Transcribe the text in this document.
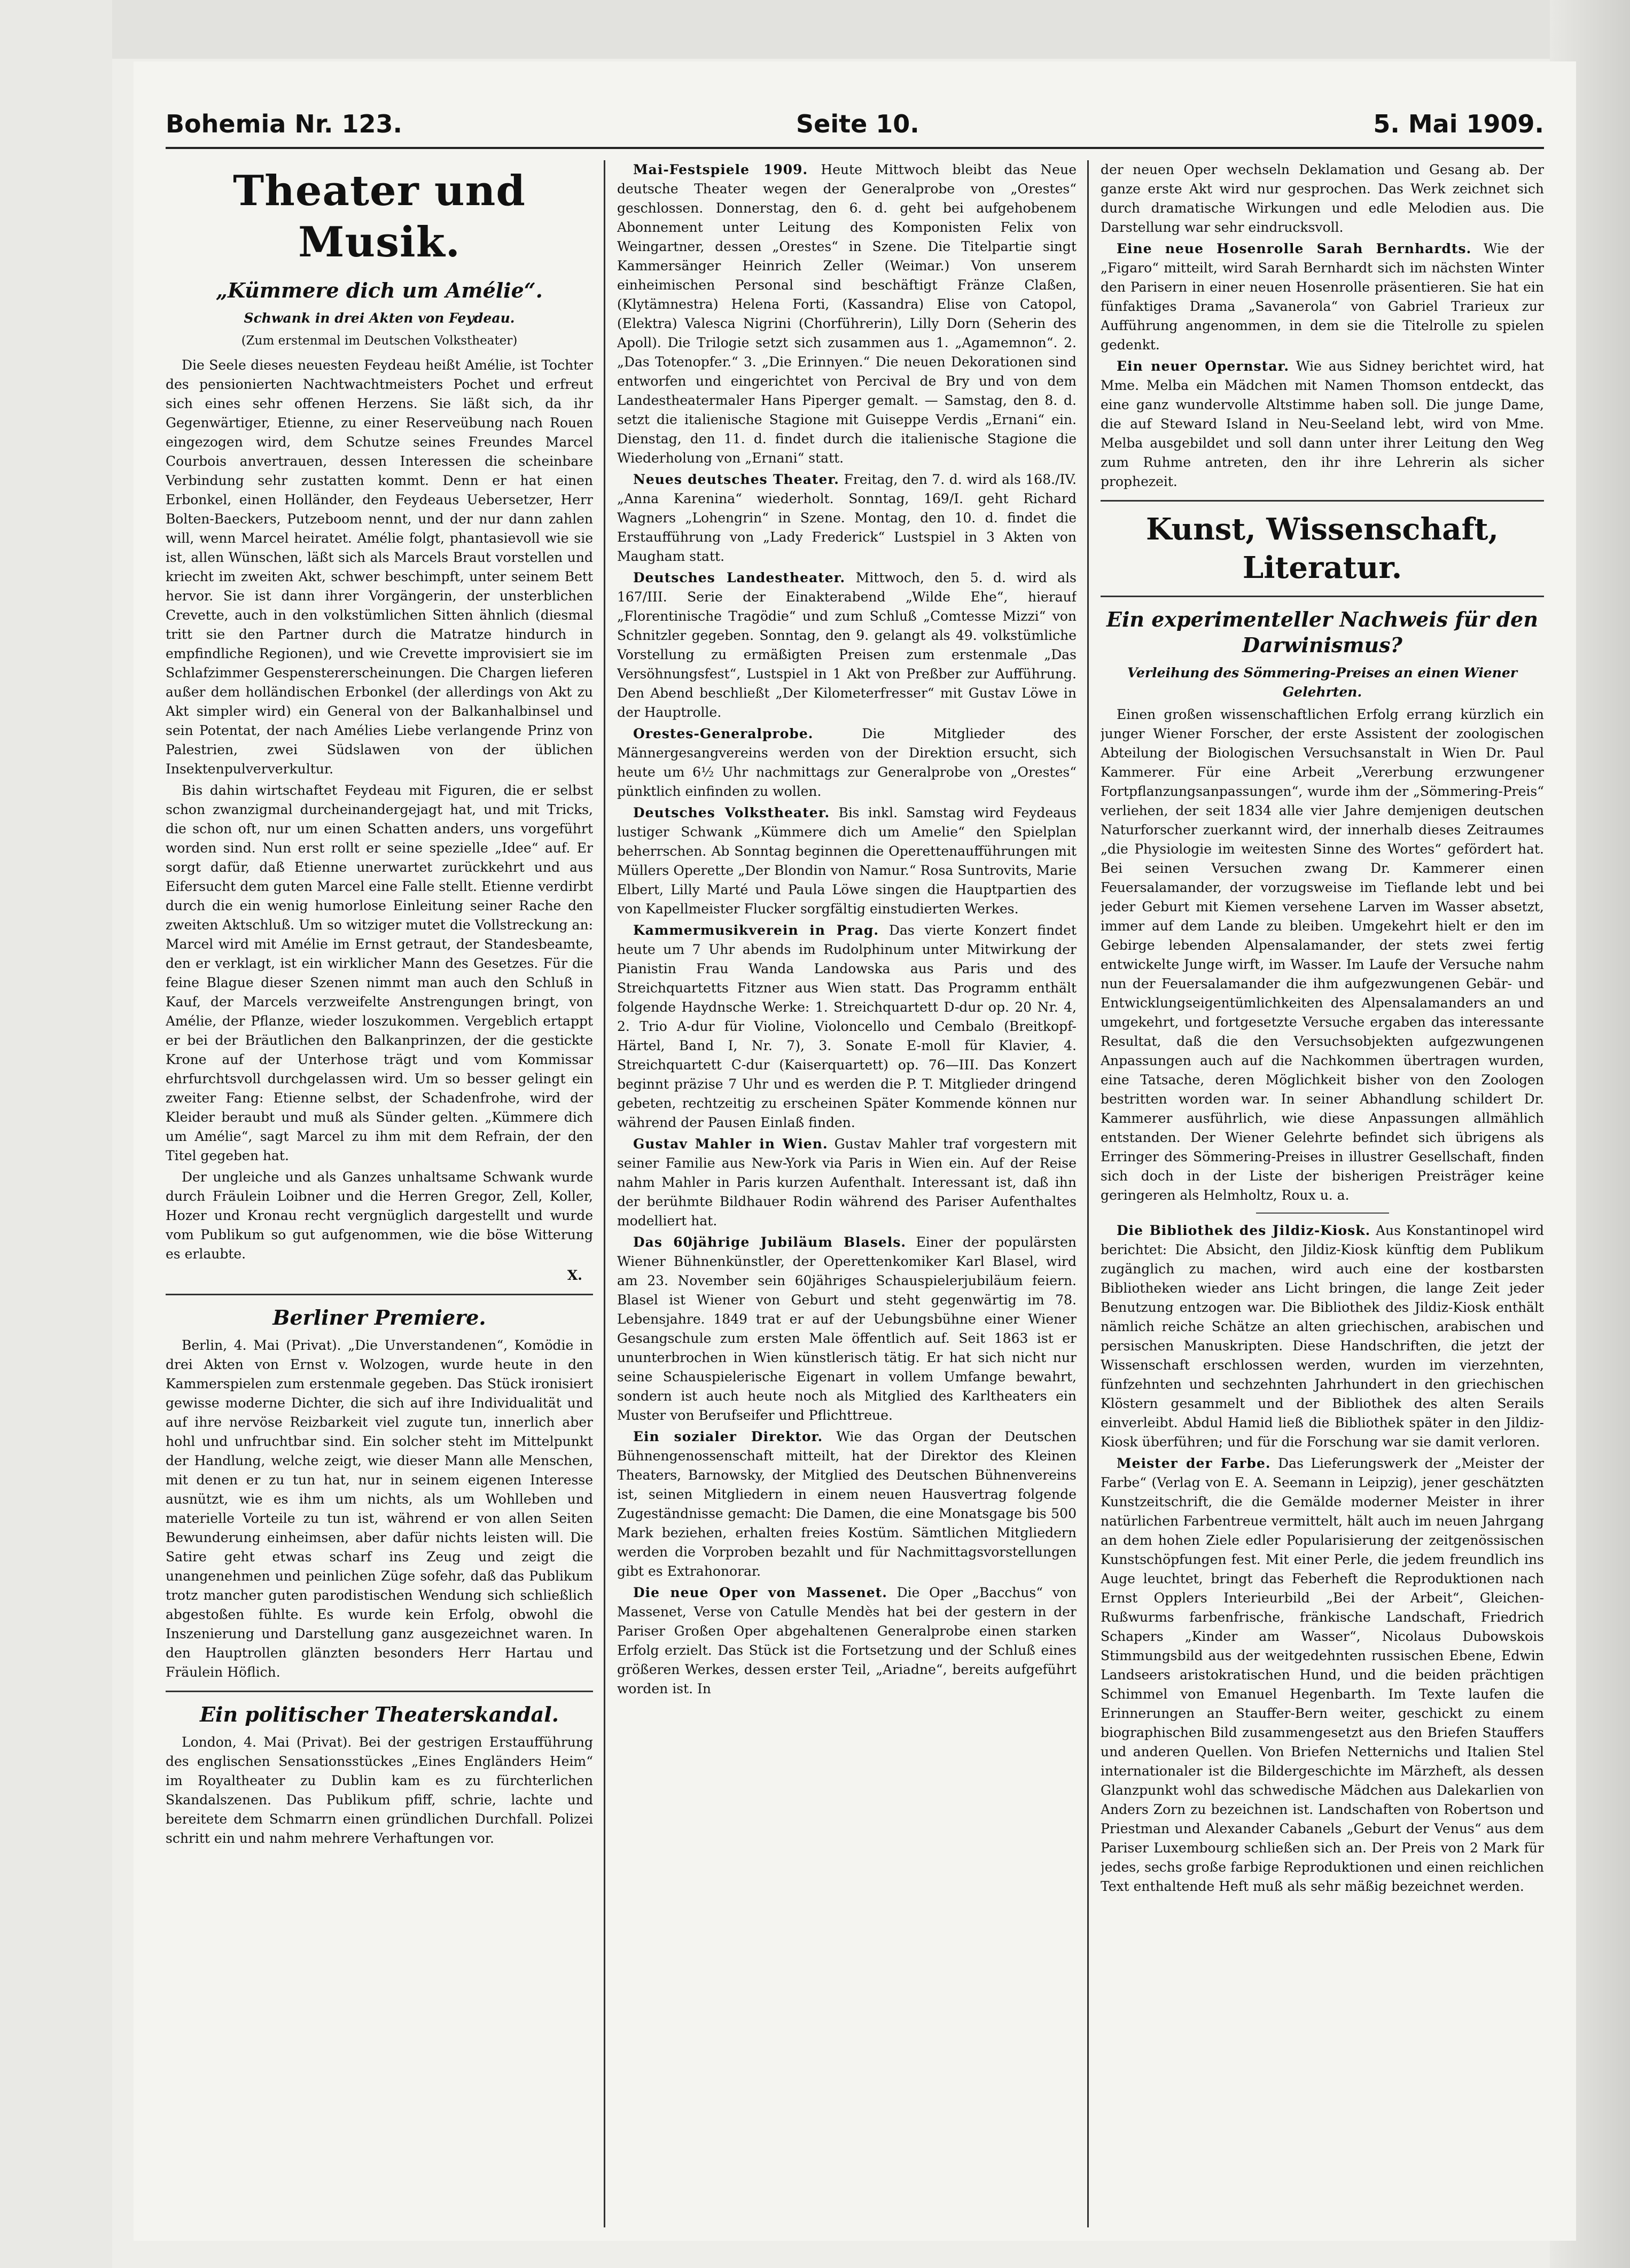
Bohemia Nr. 123.	Seite 10.	5. Mai 1909.
Theater und Musik.
„Kümmere dich um Amélie“.
Schwank in drei Akten von Feydeau.
(Zum erstenmal im Deutschen Volkstheater)

Die Seele dieses neuesten Feydeau heißt Amélie, ist Tochter des pensionierten Nachtwachtmeisters Pochet und erfreut sich eines sehr offenen Herzens. Sie läßt sich, da ihr Gegenwärtiger, Etienne, zu einer Reserveübung nach Rouen eingezogen wird, dem Schutze seines Freundes Marcel Courbois anvertrauen, dessen Interessen die scheinbare Verbindung sehr zustatten kommt. Denn er hat einen Erbonkel, einen Holländer, den Feydeaus Uebersetzer, Herr Bolten-Baeckers, Putzeboom nennt, und der nur dann zahlen will, wenn Marcel heiratet. Amélie folgt, phantasievoll wie sie ist, allen Wünschen, läßt sich als Marcels Braut vorstellen und kriecht im zweiten Akt, schwer beschimpft, unter seinem Bett hervor. Sie ist dann ihrer Vorgängerin, der unsterblichen Crevette, auch in den volkstümlichen Sitten ähnlich (diesmal tritt sie den Partner durch die Matratze hindurch in empfindliche Regionen), und wie Crevette improvisiert sie im Schlafzimmer Gespenstererscheinungen. Die Chargen lieferen außer dem holländischen Erbonkel (der allerdings von Akt zu Akt simpler wird) ein General von der Balkanhalbinsel und sein Potentat, der nach Amélies Liebe verlangende Prinz von Palestrien, zwei Südslawen von der üblichen Insektenpulververkultur.

Bis dahin wirtschaftet Feydeau mit Figuren, die er selbst schon zwanzigmal durcheinandergejagt hat, und mit Tricks, die schon oft, nur um einen Schatten anders, uns vorgeführt worden sind. Nun erst rollt er seine spezielle „Idee“ auf. Er sorgt dafür, daß Etienne unerwartet zurückkehrt und aus Eifersucht dem guten Marcel eine Falle stellt. Etienne verdirbt durch die ein wenig humorlose Einleitung seiner Rache den zweiten Aktschluß. Um so witziger mutet die Vollstreckung an: Marcel wird mit Amélie im Ernst getraut, der Standesbeamte, den er verklagt, ist ein wirklicher Mann des Gesetzes. Für die feine Blague dieser Szenen nimmt man auch den Schluß in Kauf, der Marcels verzweifelte Anstrengungen bringt, von Amélie, der Pflanze, wieder loszukommen. Vergeblich ertappt er bei der Bräutlichen den Balkanprinzen, der die gestickte Krone auf der Unterhose trägt und vom Kommissar ehrfurchtsvoll durchgelassen wird. Um so besser gelingt ein zweiter Fang: Etienne selbst, der Schadenfrohe, wird der Kleider beraubt und muß als Sünder gelten. „Kümmere dich um Amélie“, sagt Marcel zu ihm mit dem Refrain, der den Titel gegeben hat.

Der ungleiche und als Ganzes unhaltsame Schwank wurde durch Fräulein Loibner und die Herren Gregor, Zell, Koller, Hozer und Kronau recht vergnüglich dargestellt und wurde vom Publikum so gut aufgenommen, wie die böse Witterung es erlaubte.

X.
Berliner Premiere.

Berlin, 4. Mai (Privat). „Die Unverstandenen“, Komödie in drei Akten von Ernst v. Wolzogen, wurde heute in den Kammerspielen zum erstenmale gegeben. Das Stück ironisiert gewisse moderne Dichter, die sich auf ihre Individualität und auf ihre nervöse Reizbarkeit viel zugute tun, innerlich aber hohl und unfruchtbar sind. Ein solcher steht im Mittelpunkt der Handlung, welche zeigt, wie dieser Mann alle Menschen, mit denen er zu tun hat, nur in seinem eigenen Interesse ausnützt, wie es ihm um nichts, als um Wohlleben und materielle Vorteile zu tun ist, während er von allen Seiten Bewunderung einheimsen, aber dafür nichts leisten will. Die Satire geht etwas scharf ins Zeug und zeigt die unangenehmen und peinlichen Züge sofehr, daß das Publikum trotz mancher guten parodistischen Wendung sich schließlich abgestoßen fühlte. Es wurde kein Erfolg, obwohl die Inszenierung und Darstellung ganz ausgezeichnet waren. In den Hauptrollen glänzten besonders Herr Hartau und Fräulein Höflich.

Ein politischer Theaterskandal.

London, 4. Mai (Privat). Bei der gestrigen Erstaufführung des englischen Sensationsstückes „Eines Engländers Heim“ im Royaltheater zu Dublin kam es zu fürchterlichen Skandalszenen. Das Publikum pfiff, schrie, lachte und bereitete dem Schmarrn einen gründlichen Durchfall. Polizei schritt ein und nahm mehrere Verhaftungen vor.

Mai-Festspiele 1909. Heute Mittwoch bleibt das Neue deutsche Theater wegen der Generalprobe von „Orestes“ geschlossen. Donnerstag, den 6. d. geht bei aufgehobenem Abonnement unter Leitung des Komponisten Felix von Weingartner, dessen „Orestes“ in Szene. Die Titelpartie singt Kammersänger Heinrich Zeller (Weimar.) Von unserem einheimischen Personal sind beschäftigt Fränze Claßen, (Klytämnestra) Helena Forti, (Kassandra) Elise von Catopol, (Elektra) Valesca Nigrini (Chorführerin), Lilly Dorn (Seherin des Apoll). Die Trilogie setzt sich zusammen aus 1. „Agamemnon“. 2. „Das Totenopfer.“ 3. „Die Erinnyen.“ Die neuen Dekorationen sind entworfen und eingerichtet von Percival de Bry und von dem Landestheatermaler Hans Piperger gemalt. — Samstag, den 8. d. setzt die italienische Stagione mit Guiseppe Verdis „Ernani“ ein. Dienstag, den 11. d. findet durch die italienische Stagione die Wiederholung von „Ernani“ statt.

Neues deutsches Theater. Freitag, den 7. d. wird als 168./IV. „Anna Karenina“ wiederholt. Sonntag, 169/I. geht Richard Wagners „Lohengrin“ in Szene. Montag, den 10. d. findet die Erstaufführung von „Lady Frederick“ Lustspiel in 3 Akten von Maugham statt.

Deutsches Landestheater. Mittwoch, den 5. d. wird als 167/III. Serie der Einakterabend „Wilde Ehe“, hierauf „Florentinische Tragödie“ und zum Schluß „Comtesse Mizzi“ von Schnitzler gegeben. Sonntag, den 9. gelangt als 49. volkstümliche Vorstellung zu ermäßigten Preisen zum erstenmale „Das Versöhnungsfest“, Lustspiel in 1 Akt von Preßber zur Aufführung. Den Abend beschließt „Der Kilometerfresser“ mit Gustav Löwe in der Hauptrolle.

Orestes-Generalprobe. Die Mitglieder des Männergesangvereins werden von der Direktion ersucht, sich heute um 6½ Uhr nachmittags zur Generalprobe von „Orestes“ pünktlich einfinden zu wollen.

Deutsches Volkstheater. Bis inkl. Samstag wird Feydeaus lustiger Schwank „Kümmere dich um Amelie“ den Spielplan beherrschen. Ab Sonntag beginnen die Operettenaufführungen mit Müllers Operette „Der Blondin von Namur.“ Rosa Suntrovits, Marie Elbert, Lilly Marté und Paula Löwe singen die Hauptpartien des von Kapellmeister Flucker sorgfältig einstudierten Werkes.

Kammermusikverein in Prag. Das vierte Konzert findet heute um 7 Uhr abends im Rudolphinum unter Mitwirkung der Pianistin Frau Wanda Landowska aus Paris und des Streichquartetts Fitzner aus Wien statt. Das Programm enthält folgende Haydnsche Werke: 1. Streichquartett D-dur op. 20 Nr. 4, 2. Trio A-dur für Violine, Violoncello und Cembalo (Breitkopf-Härtel, Band I, Nr. 7), 3. Sonate E-moll für Klavier, 4. Streichquartett C-dur (Kaiserquartett) op. 76—III. Das Konzert beginnt präzise 7 Uhr und es werden die P. T. Mitglieder dringend gebeten, rechtzeitig zu erscheinen Später Kommende können nur während der Pausen Einlaß finden.

Gustav Mahler in Wien. Gustav Mahler traf vorgestern mit seiner Familie aus New-York via Paris in Wien ein. Auf der Reise nahm Mahler in Paris kurzen Aufenthalt. Interessant ist, daß ihn der berühmte Bildhauer Rodin während des Pariser Aufenthaltes modelliert hat.

Das 60jährige Jubiläum Blasels. Einer der populärsten Wiener Bühnenkünstler, der Operettenkomiker Karl Blasel, wird am 23. November sein 60jähriges Schauspielerjubiläum feiern. Blasel ist Wiener von Geburt und steht gegenwärtig im 78. Lebensjahre. 1849 trat er auf der Uebungsbühne einer Wiener Gesangschule zum ersten Male öffentlich auf. Seit 1863 ist er ununterbrochen in Wien künstlerisch tätig. Er hat sich nicht nur seine Schauspielerische Eigenart in vollem Umfange bewahrt, sondern ist auch heute noch als Mitglied des Karltheaters ein Muster von Berufseifer und Pflichttreue.

Ein sozialer Direktor. Wie das Organ der Deutschen Bühnengenossenschaft mitteilt, hat der Direktor des Kleinen Theaters, Barnowsky, der Mitglied des Deutschen Bühnenvereins ist, seinen Mitgliedern in einem neuen Hausvertrag folgende Zugeständnisse gemacht: Die Damen, die eine Monatsgage bis 500 Mark beziehen, erhalten freies Kostüm. Sämtlichen Mitgliedern werden die Vorproben bezahlt und für Nachmittagsvorstellungen gibt es Extrahonorar.

Die neue Oper von Massenet. Die Oper „Bacchus“ von Massenet, Verse von Catulle Mendès hat bei der gestern in der Pariser Großen Oper abgehaltenen Generalprobe einen starken Erfolg erzielt. Das Stück ist die Fortsetzung und der Schluß eines größeren Werkes, dessen erster Teil, „Ariadne“, bereits aufgeführt worden ist. In

der neuen Oper wechseln Deklamation und Gesang ab. Der ganze erste Akt wird nur gesprochen. Das Werk zeichnet sich durch dramatische Wirkungen und edle Melodien aus. Die Darstellung war sehr eindrucksvoll.

Eine neue Hosenrolle Sarah Bernhardts. Wie der „Figaro“ mitteilt, wird Sarah Bernhardt sich im nächsten Winter den Parisern in einer neuen Hosenrolle präsentieren. Sie hat ein fünfaktiges Drama „Savanerola“ von Gabriel Trarieux zur Aufführung angenommen, in dem sie die Titelrolle zu spielen gedenkt.

Ein neuer Opernstar. Wie aus Sidney berichtet wird, hat Mme. Melba ein Mädchen mit Namen Thomson entdeckt, das eine ganz wundervolle Altstimme haben soll. Die junge Dame, die auf Steward Island in Neu-Seeland lebt, wird von Mme. Melba ausgebildet und soll dann unter ihrer Leitung den Weg zum Ruhme antreten, den ihr ihre Lehrerin als sicher prophezeit.

Kunst, Wissenschaft, Literatur.
Ein experimenteller Nachweis für den Darwinismus?
Verleihung des Sömmering-Preises an einen Wiener Gelehrten.

Einen großen wissenschaftlichen Erfolg errang kürzlich ein junger Wiener Forscher, der erste Assistent der zoologischen Abteilung der Biologischen Versuchsanstalt in Wien Dr. Paul Kammerer. Für eine Arbeit „Vererbung erzwungener Fortpflanzungsanpassungen“, wurde ihm der „Sömmering-Preis“ verliehen, der seit 1834 alle vier Jahre demjenigen deutschen Naturforscher zuerkannt wird, der innerhalb dieses Zeitraumes „die Physiologie im weitesten Sinne des Wortes“ gefördert hat. Bei seinen Versuchen zwang Dr. Kammerer einen Feuersalamander, der vorzugsweise im Tieflande lebt und bei jeder Geburt mit Kiemen versehene Larven im Wasser absetzt, immer auf dem Lande zu bleiben. Umgekehrt hielt er den im Gebirge lebenden Alpensalamander, der stets zwei fertig entwickelte Junge wirft, im Wasser. Im Laufe der Versuche nahm nun der Feuersalamander die ihm aufgezwungenen Gebär- und Entwicklungseigentümlichkeiten des Alpensalamanders an und umgekehrt, und fortgesetzte Versuche ergaben das interessante Resultat, daß die den Versuchsobjekten aufgezwungenen Anpassungen auch auf die Nachkommen übertragen wurden, eine Tatsache, deren Möglichkeit bisher von den Zoologen bestritten worden war. In seiner Abhandlung schildert Dr. Kammerer ausführlich, wie diese Anpassungen allmählich entstanden. Der Wiener Gelehrte befindet sich übrigens als Erringer des Sömmering-Preises in illustrer Gesellschaft, finden sich doch in der Liste der bisherigen Preisträger keine geringeren als Helmholtz, Roux u. a.

Die Bibliothek des Jildiz-Kiosk. Aus Konstantinopel wird berichtet: Die Absicht, den Jildiz-Kiosk künftig dem Publikum zugänglich zu machen, wird auch eine der kostbarsten Bibliotheken wieder ans Licht bringen, die lange Zeit jeder Benutzung entzogen war. Die Bibliothek des Jildiz-Kiosk enthält nämlich reiche Schätze an alten griechischen, arabischen und persischen Manuskripten. Diese Handschriften, die jetzt der Wissenschaft erschlossen werden, wurden im vierzehnten, fünfzehnten und sechzehnten Jahrhundert in den griechischen Klöstern gesammelt und der Bibliothek des alten Serails einverleibt. Abdul Hamid ließ die Bibliothek später in den Jildiz-Kiosk überführen; und für die Forschung war sie damit verloren.

Meister der Farbe. Das Lieferungswerk der „Meister der Farbe“ (Verlag von E. A. Seemann in Leipzig), jener geschätzten Kunstzeitschrift, die die Gemälde moderner Meister in ihrer natürlichen Farbentreue vermittelt, hält auch im neuen Jahrgang an dem hohen Ziele edler Popularisierung der zeitgenössischen Kunstschöpfungen fest. Mit einer Perle, die jedem freundlich ins Auge leuchtet, bringt das Feberheft die Reproduktionen nach Ernst Opplers Interieurbild „Bei der Arbeit“, Gleichen-Rußwurms farbenfrische, fränkische Landschaft, Friedrich Schapers „Kinder am Wasser“, Nicolaus Dubowskois Stimmungsbild aus der weitgedehnten russischen Ebene, Edwin Landseers aristokratischen Hund, und die beiden prächtigen Schimmel von Emanuel Hegenbarth. Im Texte laufen die Erinnerungen an Stauffer-Bern weiter, geschickt zu einem biographischen Bild zusammengesetzt aus den Briefen Stauffers und anderen Quellen. Von Briefen Netternichs und Italien Stel internationaler ist die Bildergeschichte im Märzheft, als dessen Glanzpunkt wohl das schwedische Mädchen aus Dalekarlien von Anders Zorn zu bezeichnen ist. Landschaften von Robertson und Priestman und Alexander Cabanels „Geburt der Venus“ aus dem Pariser Luxembourg schließen sich an. Der Preis von 2 Mark für jedes, sechs große farbige Reproduktionen und einen reichlichen Text enthaltende Heft muß als sehr mäßig bezeichnet werden.
